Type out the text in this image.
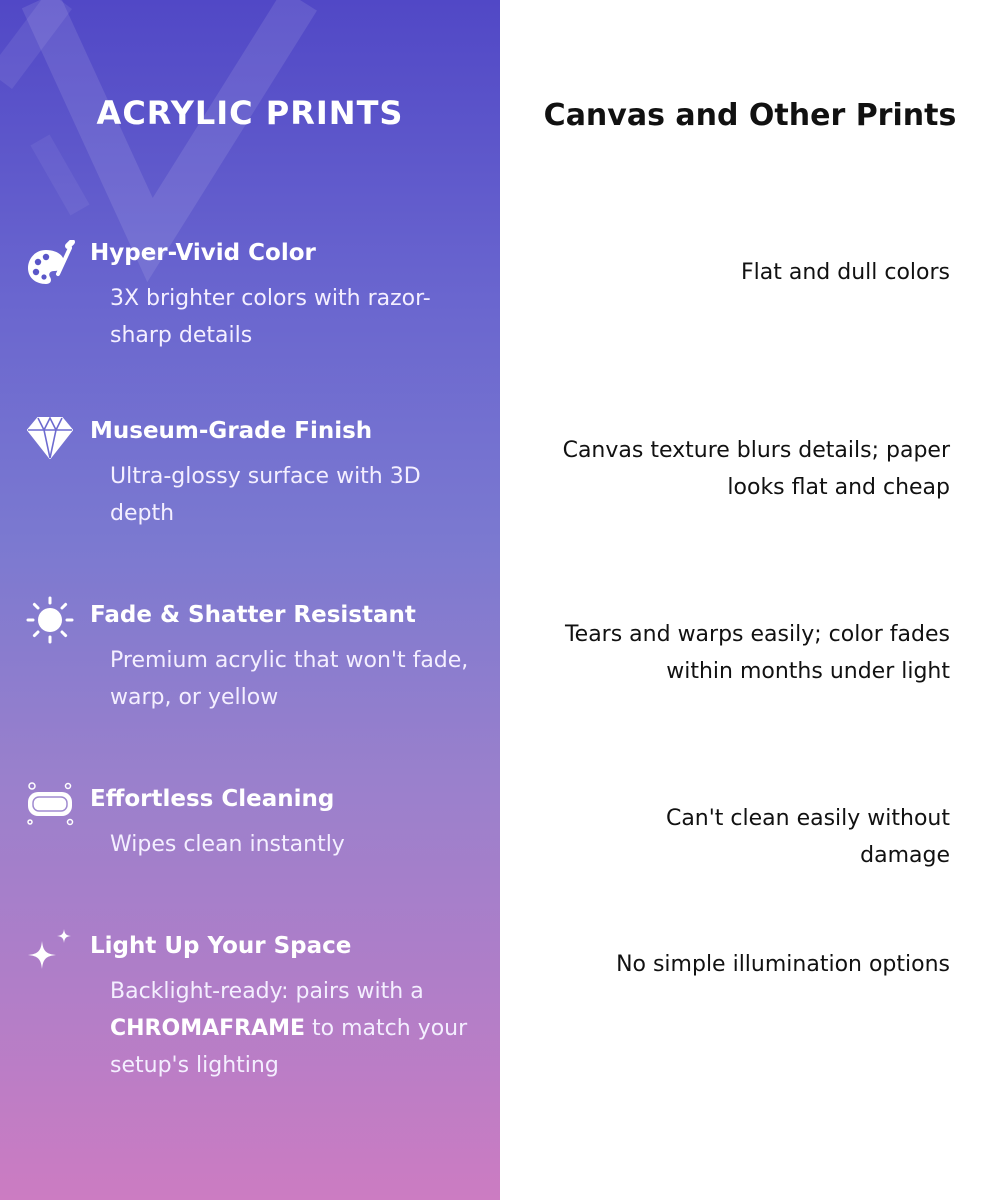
ACRYLIC PRINTS
Hyper-Vivid Color
3X brighter colors with razor-sharp details
Museum-Grade Finish
Ultra-glossy surface with 3D depth
Fade & Shatter Resistant
Premium acrylic that won't fade, warp, or yellow
Effortless Cleaning
Wipes clean instantly
Light Up Your Space
Backlight-ready: pairs with a CHROMAFRAME to match your setup's lighting
Canvas and Other Prints
Flat and dull colors
Canvas texture blurs details; paper looks flat and cheap
Tears and warps easily; color fades within months under light
Can't clean easily without damage
No simple illumination options
